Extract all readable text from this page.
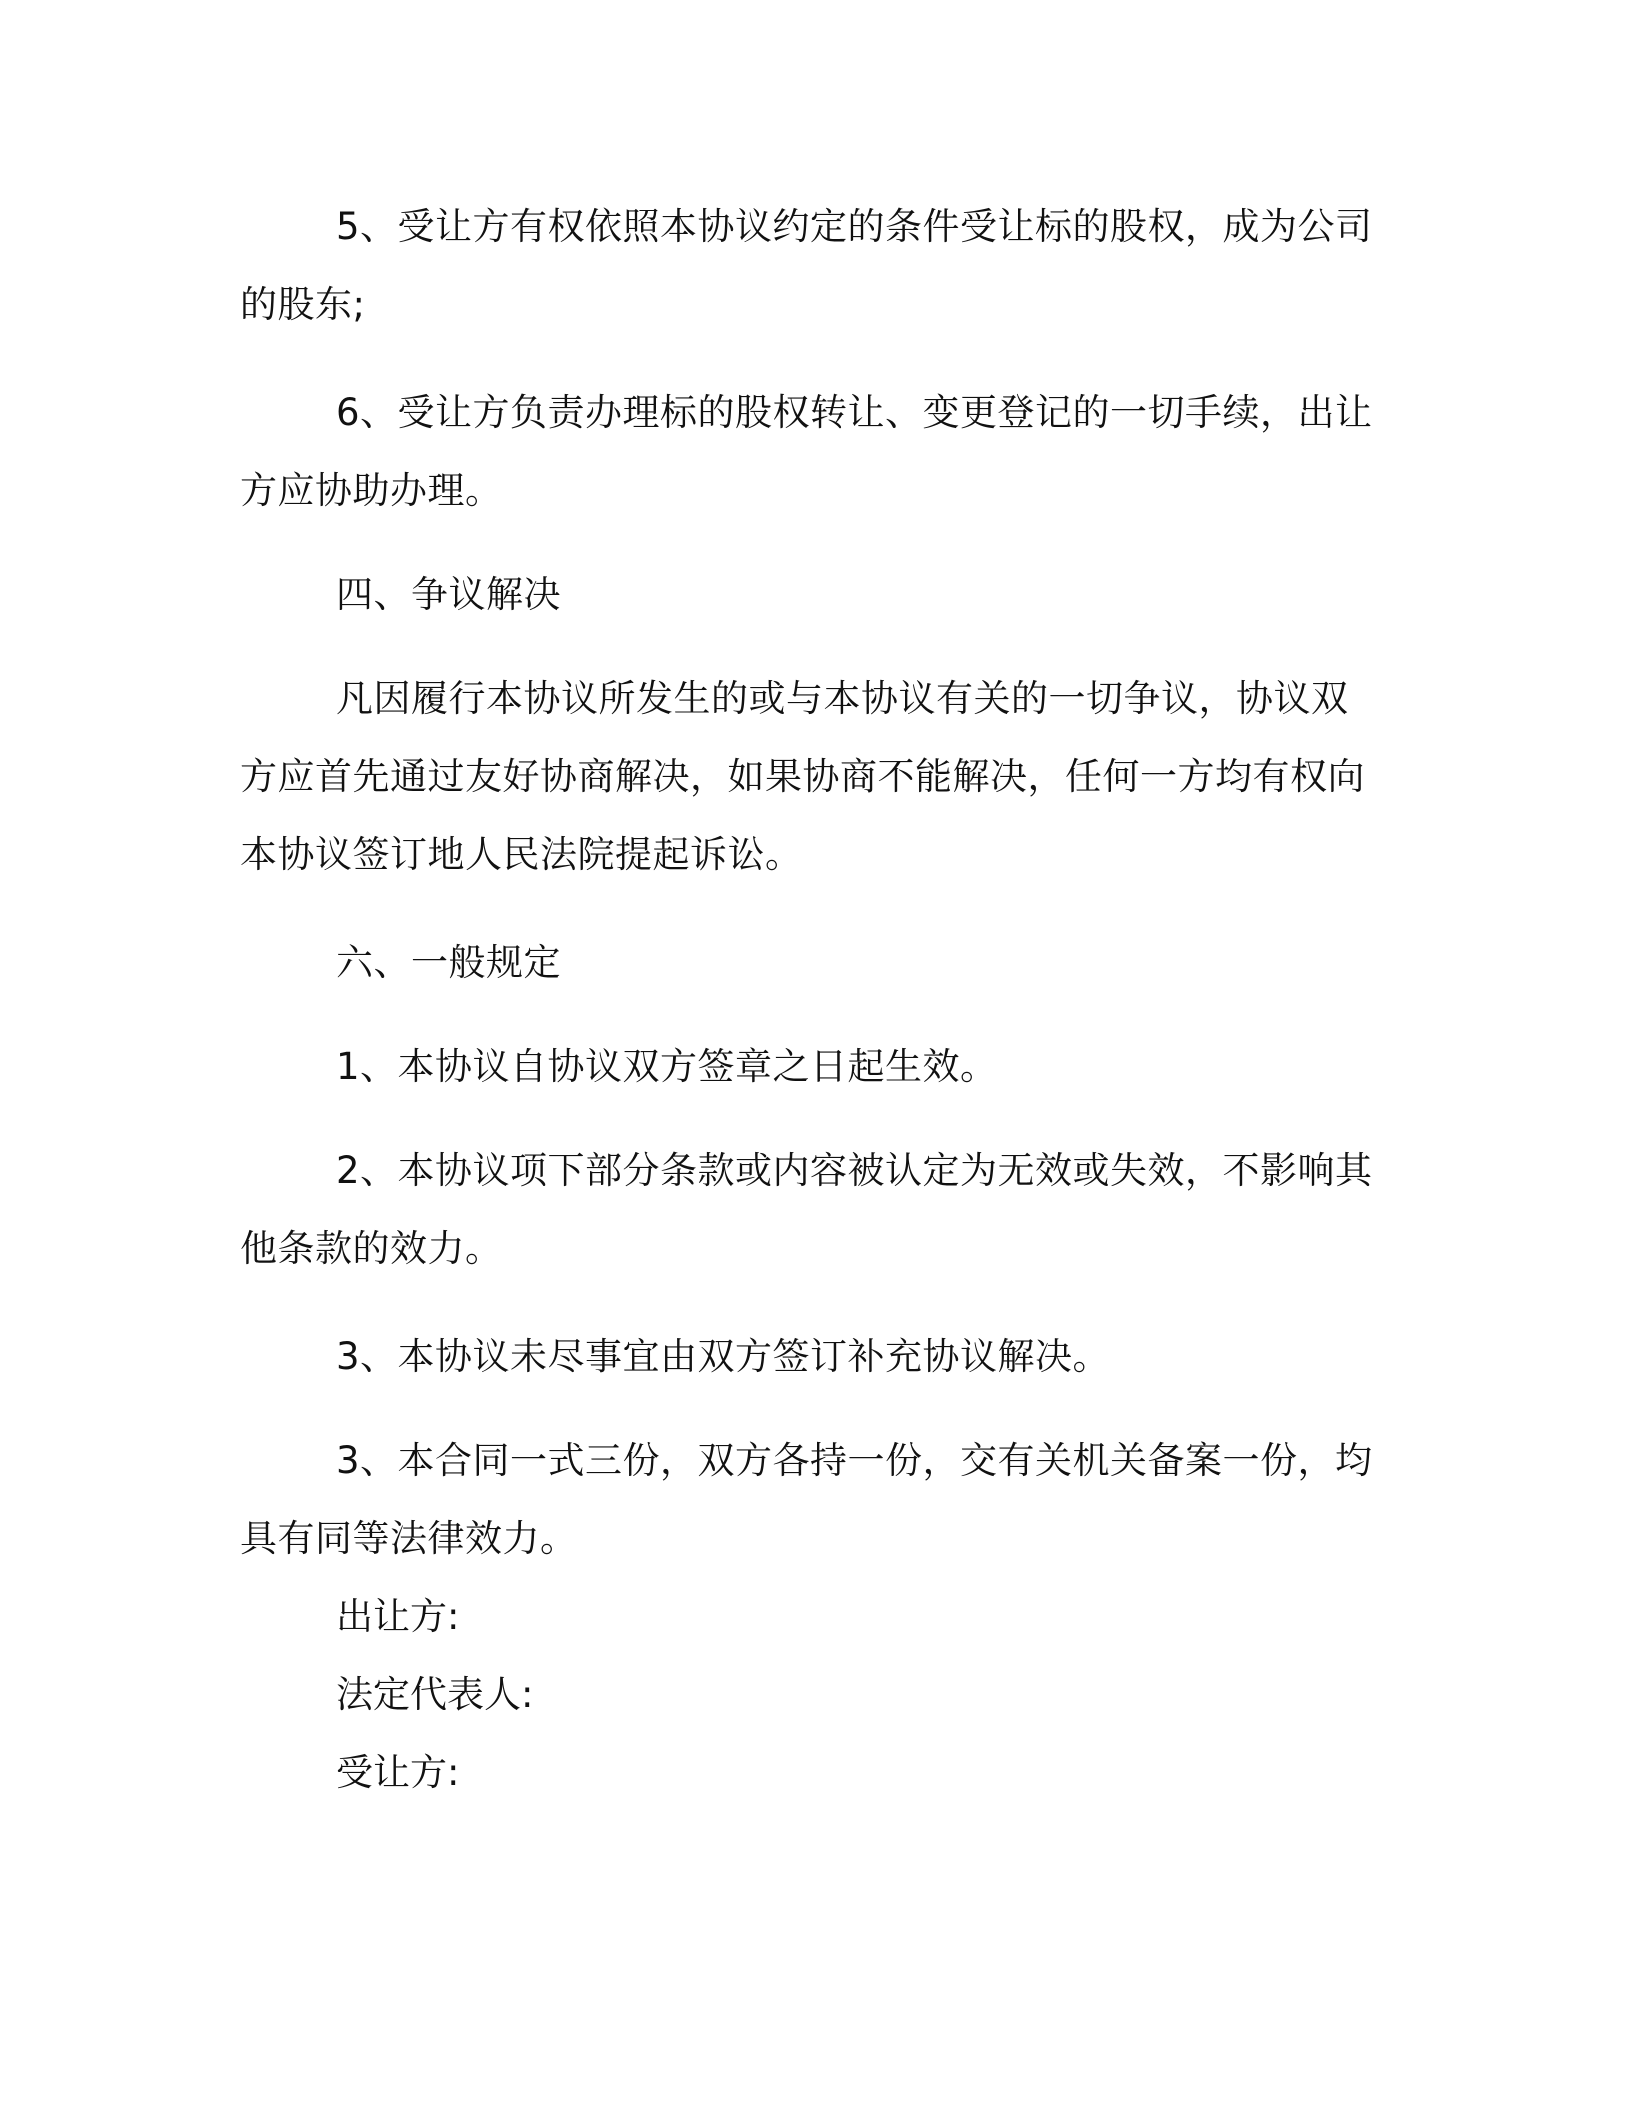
5、受让方有权依照本协议约定的条件受让标的股权，成为公司的股东;

6、受让方负责办理标的股权转让、变更登记的一切手续，出让方应协助办理。

四、争议解决

凡因履行本协议所发生的或与本协议有关的一切争议，协议双方应首先通过友好协商解决，如果协商不能解决，任何一方均有权向本协议签订地人民法院提起诉讼。

六、一般规定

1、本协议自协议双方签章之日起生效。

2、本协议项下部分条款或内容被认定为无效或失效，不影响其他条款的效力。

3、本协议未尽事宜由双方签订补充协议解决。

3、本合同一式三份，双方各持一份，交有关机关备案一份，均具有同等法律效力。

出让方:

法定代表人:

受让方:
